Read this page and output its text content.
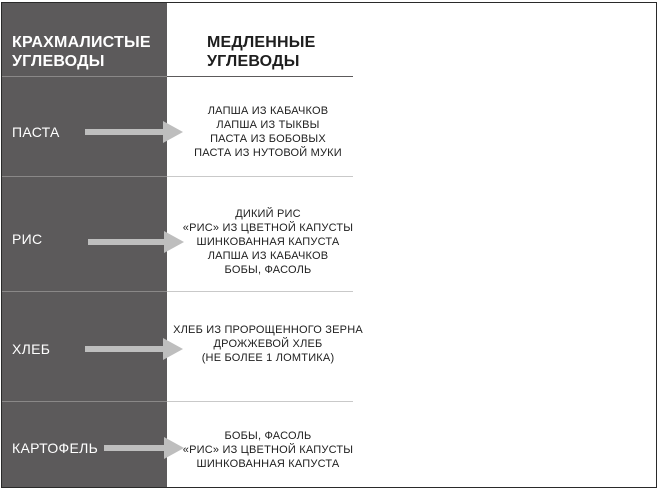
КРАХМАЛИСТЫЕ
УГЛЕВОДЫ
МЕДЛЕННЫЕ
УГЛЕВОДЫ
ПАСТА
ЛАПША ИЗ КАБАЧКОВ
ЛАПША ИЗ ТЫКВЫ
ПАСТА ИЗ БОБОВЫХ
ПАСТА ИЗ НУТОВОЙ МУКИ
РИС
ДИКИЙ РИС
«РИС» ИЗ ЦВЕТНОЙ КАПУСТЫ
ШИНКОВАННАЯ КАПУСТА
ЛАПША ИЗ КАБАЧКОВ
БОБЫ, ФАСОЛЬ
ХЛЕБ
ХЛЕБ ИЗ ПРОРОЩЕННОГО ЗЕРНА
ДРОЖЖЕВОЙ ХЛЕБ
(НЕ БОЛЕЕ 1 ЛОМТИКА)
КАРТОФЕЛЬ
БОБЫ, ФАСОЛЬ
«РИС» ИЗ ЦВЕТНОЙ КАПУСТЫ
ШИНКОВАННАЯ КАПУСТА
